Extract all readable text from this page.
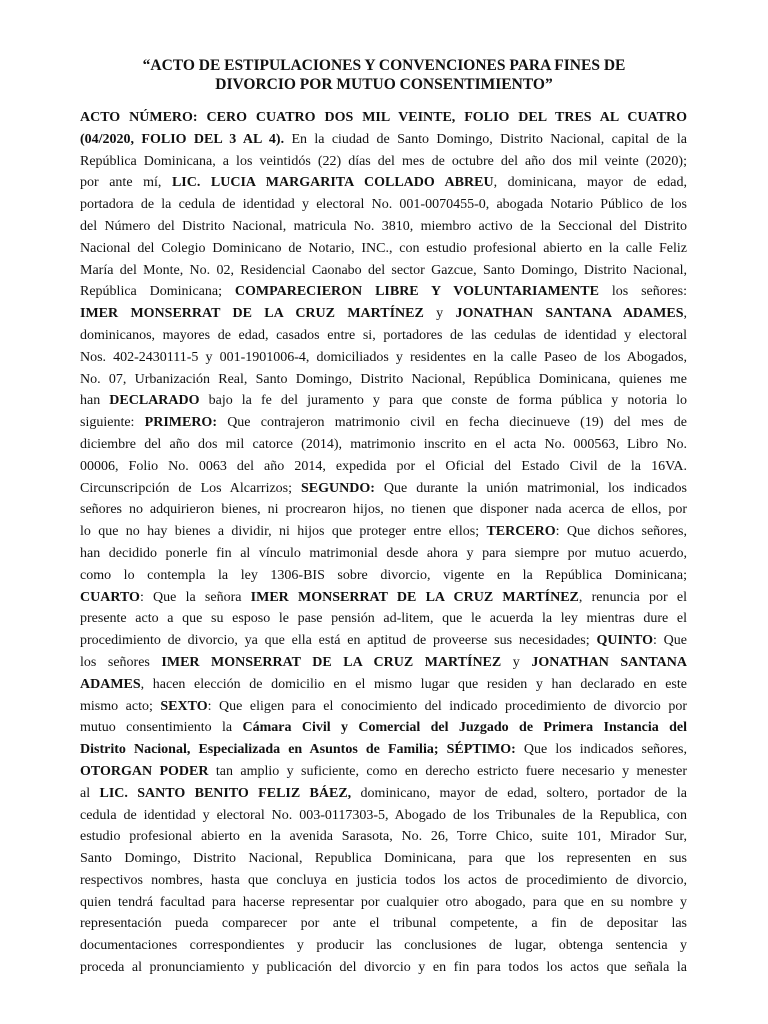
“ACTO DE ESTIPULACIONES Y CONVENCIONES PARA FINES DE
DIVORCIO POR MUTUO CONSENTIMIENTO”
ACTO NÚMERO: CERO CUATRO DOS MIL VEINTE, FOLIO DEL TRES AL CUATRO
(04/2020, FOLIO DEL 3 AL 4). En la ciudad de Santo Domingo, Distrito Nacional, capital de la
República Dominicana, a los veintidós (22) días del mes de octubre del año dos mil veinte (2020);
por ante mí, LIC. LUCIA MARGARITA COLLADO ABREU, dominicana, mayor de edad,
portadora de la cedula de identidad y electoral No. 001-0070455-0, abogada Notario Público de los
del Número del Distrito Nacional, matricula No. 3810, miembro activo de la Seccional del Distrito
Nacional del Colegio Dominicano de Notario, INC., con estudio profesional abierto en la calle Feliz
María del Monte, No. 02, Residencial Caonabo del sector Gazcue, Santo Domingo, Distrito Nacional,
República Dominicana; COMPARECIERON LIBRE Y VOLUNTARIAMENTE los señores:
IMER MONSERRAT DE LA CRUZ MARTÍNEZ y JONATHAN SANTANA ADAMES,
dominicanos, mayores de edad, casados entre si, portadores de las cedulas de identidad y electoral
Nos. 402-2430111-5 y 001-1901006-4, domiciliados y residentes en la calle Paseo de los Abogados,
No. 07, Urbanización Real, Santo Domingo, Distrito Nacional, República Dominicana, quienes me
han DECLARADO bajo la fe del juramento y para que conste de forma pública y notoria lo
siguiente: PRIMERO: Que contrajeron matrimonio civil en fecha diecinueve (19) del mes de
diciembre del año dos mil catorce (2014), matrimonio inscrito en el acta No. 000563, Libro No.
00006, Folio No. 0063 del año 2014, expedida por el Oficial del Estado Civil de la 16VA.
Circunscripción de Los Alcarrizos; SEGUNDO: Que durante la unión matrimonial, los indicados
señores no adquirieron bienes, ni procrearon hijos, no tienen que disponer nada acerca de ellos, por
lo que no hay bienes a dividir, ni hijos que proteger entre ellos; TERCERO: Que dichos señores,
han decidido ponerle fin al vínculo matrimonial desde ahora y para siempre por mutuo acuerdo,
como lo contempla la ley 1306-BIS sobre divorcio, vigente en la República Dominicana;
CUARTO: Que la señora IMER MONSERRAT DE LA CRUZ MARTÍNEZ, renuncia por el
presente acto a que su esposo le pase pensión ad-litem, que le acuerda la ley mientras dure el
procedimiento de divorcio, ya que ella está en aptitud de proveerse sus necesidades; QUINTO: Que
los señores IMER MONSERRAT DE LA CRUZ MARTÍNEZ y JONATHAN SANTANA
ADAMES, hacen elección de domicilio en el mismo lugar que residen y han declarado en este
mismo acto; SEXTO: Que eligen para el conocimiento del indicado procedimiento de divorcio por
mutuo consentimiento la Cámara Civil y Comercial del Juzgado de Primera Instancia del
Distrito Nacional, Especializada en Asuntos de Familia; SÉPTIMO: Que los indicados señores,
OTORGAN PODER tan amplio y suficiente, como en derecho estricto fuere necesario y menester
al LIC. SANTO BENITO FELIZ BÁEZ, dominicano, mayor de edad, soltero, portador de la
cedula de identidad y electoral No. 003-0117303-5, Abogado de los Tribunales de la Republica, con
estudio profesional abierto en la avenida Sarasota, No. 26, Torre Chico, suite 101, Mirador Sur,
Santo Domingo, Distrito Nacional, Republica Dominicana, para que los representen en sus
respectivos nombres, hasta que concluya en justicia todos los actos de procedimiento de divorcio,
quien tendrá facultad para hacerse representar por cualquier otro abogado, para que en su nombre y
representación pueda comparecer por ante el tribunal competente, a fin de depositar las
documentaciones correspondientes y producir las conclusiones de lugar, obtenga sentencia y
proceda al pronunciamiento y publicación del divorcio y en fin para todos los actos que señala la
